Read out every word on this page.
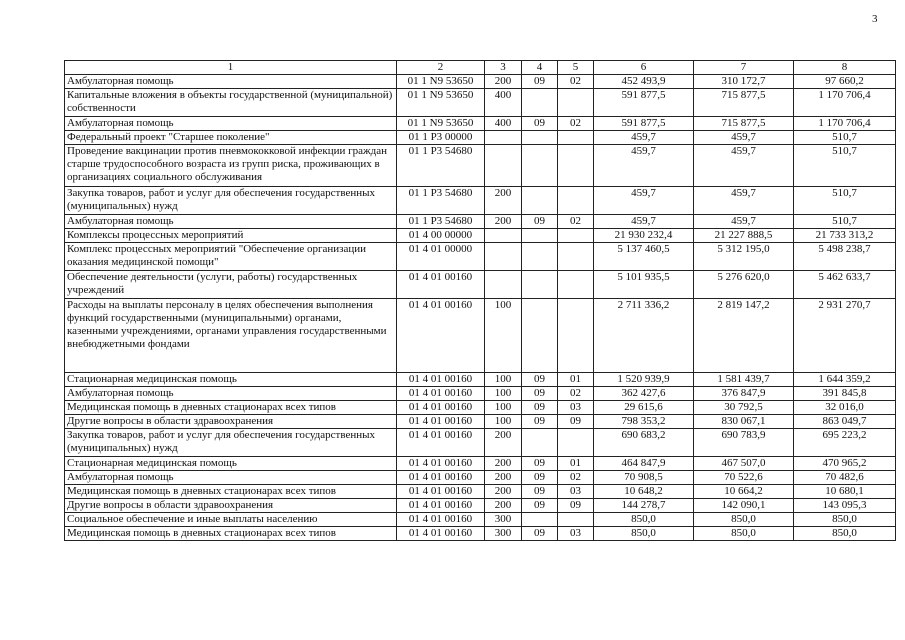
3
1	2	3	4	5	6	7	8
Амбулаторная помощь	01 1 N9 53650	200	09	02	452 493,9	310 172,7	97 660,2
Капитальные вложения в объекты государственной (муниципальной) собственности	01 1 N9 53650	400			591 877,5	715 877,5	1 170 706,4
Амбулаторная помощь	01 1 N9 53650	400	09	02	591 877,5	715 877,5	1 170 706,4
Федеральный проект "Старшее поколение"	01 1 P3 00000				459,7	459,7	510,7
Проведение вакцинации против пневмококковой инфекции граждан старше трудоспособного возраста из групп риска, проживающих в организациях социального обслуживания	01 1 P3 54680				459,7	459,7	510,7
Закупка товаров, работ и услуг для обеспечения государственных (муниципальных) нужд	01 1 P3 54680	200			459,7	459,7	510,7
Амбулаторная помощь	01 1 P3 54680	200	09	02	459,7	459,7	510,7
Комплексы процессных мероприятий	01 4 00 00000				21 930 232,4	21 227 888,5	21 733 313,2
Комплекс процессных мероприятий "Обеспечение организации оказания медицинской помощи"	01 4 01 00000				5 137 460,5	5 312 195,0	5 498 238,7
Обеспечение деятельности (услуги, работы) государственных учреждений	01 4 01 00160				5 101 935,5	5 276 620,0	5 462 633,7
Расходы на выплаты персоналу в целях обеспечения выполнения функций государственными (муниципальными) органами, казенными учреждениями, органами управления государственными внебюджетными фондами	01 4 01 00160	100			2 711 336,2	2 819 147,2	2 931 270,7
Стационарная медицинская помощь	01 4 01 00160	100	09	01	1 520 939,9	1 581 439,7	1 644 359,2
Амбулаторная помощь	01 4 01 00160	100	09	02	362 427,6	376 847,9	391 845,8
Медицинская помощь в дневных стационарах всех типов	01 4 01 00160	100	09	03	29 615,6	30 792,5	32 016,0
Другие вопросы в области здравоохранения	01 4 01 00160	100	09	09	798 353,2	830 067,1	863 049,7
Закупка товаров, работ и услуг для обеспечения государственных (муниципальных) нужд	01 4 01 00160	200			690 683,2	690 783,9	695 223,2
Стационарная медицинская помощь	01 4 01 00160	200	09	01	464 847,9	467 507,0	470 965,2
Амбулаторная помощь	01 4 01 00160	200	09	02	70 908,5	70 522,6	70 482,6
Медицинская помощь в дневных стационарах всех типов	01 4 01 00160	200	09	03	10 648,2	10 664,2	10 680,1
Другие вопросы в области здравоохранения	01 4 01 00160	200	09	09	144 278,7	142 090,1	143 095,3
Социальное обеспечение и иные выплаты населению	01 4 01 00160	300			850,0	850,0	850,0
Медицинская помощь в дневных стационарах всех типов	01 4 01 00160	300	09	03	850,0	850,0	850,0
